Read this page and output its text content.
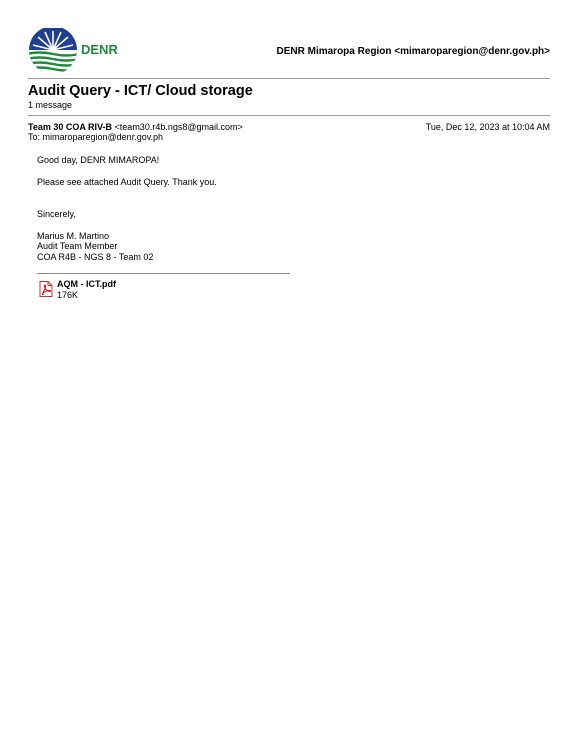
DENR	DENR Mimaropa Region <mimaroparegion@denr.gov.ph>
Audit Query - ICT/ Cloud storage
1 message
Team 30 COA RIV-B <team30.r4b.ngs8@gmail.com>	Tue, Dec 12, 2023 at 10:04 AM
To: mimaroparegion@denr.gov.ph

Good day, DENR MIMAROPA!

Please see attached Audit Query. Thank you.

Sincerely,

Marius M. Martino

Audit Team Member

COA R4B - NGS 8 - Team 02

AQM - ICT.pdf
176K
